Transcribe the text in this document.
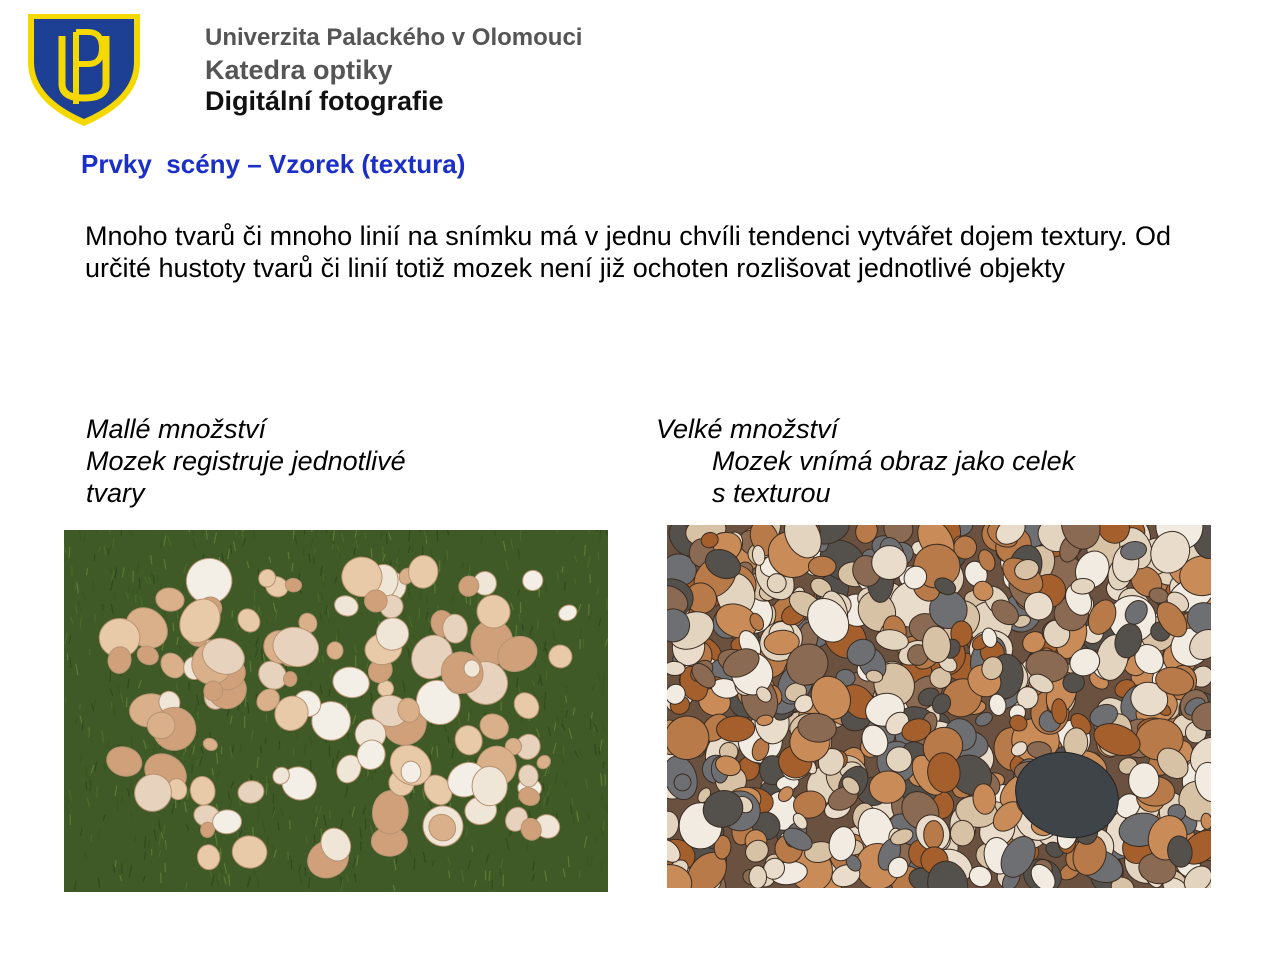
Univerzita Palackého v Olomouci

Katedra optiky

Digitální fotografie

Prvky  scény – Vzorek (textura)

Mnoho tvarů či mnoho linií na snímku má v jednu chvíli tendenci vytvářet dojem textury. Od určité hustoty tvarů či linií totiž mozek není již ochoten rozlišovat jednotlivé objekty

Mallé množství

Mozek registruje jednotlivé

tvary

Velké množství

Mozek vnímá obraz jako celek

s texturou
